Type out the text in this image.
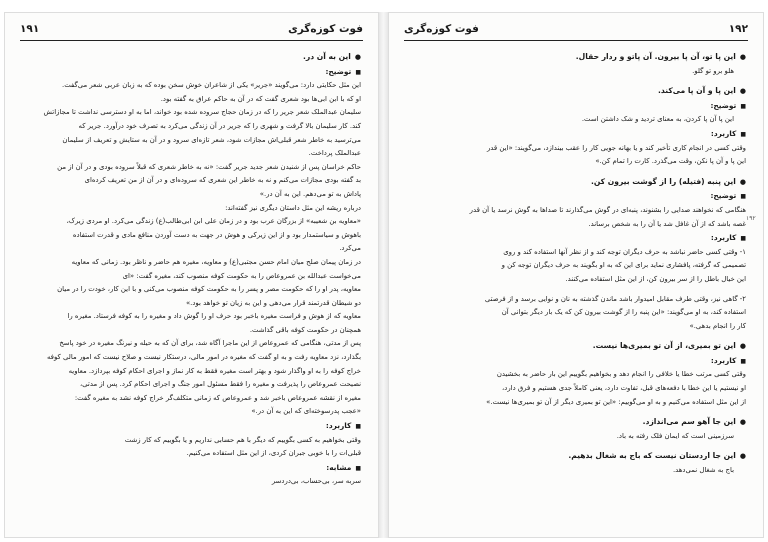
۱۹۱	فوت کوزه‌گری

● این به آن در.

■ توضیح:

این مثل حکایتی دارد: می‌گویند «جریر» یکی از شاعران خوش سخن بوده که به زبان عربی شعر می‌گفت.

او که با ابن ابی‌ها بود شعری گفت که در آن به حاکم عراق به گفته بود.

سلیمان عبدالملک شعر جریر را که در زمان حجاج سروده شده بود خواند، اما به او دسترسی نداشت تا مجازاتش

کند. کار سلیمان بالا گرفت و شهری را که جریر در آن زندگی می‌کرد به تصرف خود درآورد. جریر که

می‌ترسید به خاطر شعر قبلی‌اش مجازات شود، شعر تازه‌ای سرود و در آن به ستایش و تعریف از سلیمان

عبدالملک پرداخت.

حاکم خراسان پس از شنیدن شعر جدید جریر گفت: «نه به خاطر شعری که قبلاً سروده بودی و در آن از من

بد گفته بودی مجازات می‌کنم و نه به خاطر این شعری که سروده‌ای و در آن از من تعریف کرده‌ای

پاداش به تو می‌دهم. این به آن در.»

درباره ریشه این مثل داستان دیگری نیز گفته‌اند:

«معاویه بن شعیبه» از بزرگان عرب بود و در زمان علی ابن ابی‌طالب(ع) زندگی می‌کرد. او مردی زیرک،

باهوش و سیاستمدار بود و از این زیرکی و هوش در جهت به دست آوردن منافع مادی و قدرت استفاده

می‌کرد.

در زمان پیمان صلح میان امام حسن مجتبی(ع) و معاویه، مغیره هم حاضر و ناظر بود. زمانی که معاویه

می‌خواست عبدالله بن عمروعاص را به حکومت کوفه منصوب کند، مغیره گفت: «ای

معاویه، پدر او را که حکومت مصر و پسر را به حکومت کوفه منصوب می‌کنی و با این کار، خودت را در میان

دو شیطان قدرتمند قرار می‌دهی و این به زیان تو خواهد بود.»

معاویه که از هوش و فراست مغیره باخبر بود حرف او را گوش داد و مغیره را به کوفه فرستاد. مغیره را

همچنان در حکومت کوفه باقی گذاشت.

پس از مدتی، هنگامی که عمروعاص از این ماجرا آگاه شد، برای آن که به حیله و نیرنگ مغیره در خود پاسخ

بگذارد، نزد معاویه رفت و به او گفت که مغیره در امور مالی، درستکار نیست و صلاح نیست که امور مالی کوفه

خراج کوفه را به او واگذار شود و بهتر است مغیره فقط به کار نماز و اجرای احکام کوفه بپردازد. معاویه

نصیحت عمروعاص را پذیرفت و مغیره را فقط مسئول امور جنگ و اجرای احکام کرد. پس از مدتی،

مغیره از نقشه عمروعاص باخبر شد و عمروعاص که زمانی متکلف‌گر خراج کوفه نشد به مغیره گفت:

«عجب پدرسوخته‌ای که این به آن در.»

■ کاربرد:

وقتی بخواهیم به کسی بگوییم که دیگر با هم حسابی نداریم و یا بگوییم که کار زشت

قبلی‌ات را با خوبی جبران کردی، از این مثل استفاده می‌کنیم.

■ مشابه:

سربه سر، بی‌حساب، بی‌دردسر

۱۹۲
فوت کوزه‌گری

● این پا تو، آن پا بیرون. آن پاتو و ردار حقال.

هلو برو تو گلو.

● این پا و آن پا می‌کند.

■ توضیح:

این پا آن پا کردن، به معنای تردید و شک داشتن است.

■ کاربرد:

وقتی کسی در انجام کاری تأخیر کند و یا بهانه جویی کار را عقب بیندازد، می‌گویند: «این قدر

این پا و آن پا نکن، وقت می‌گذرد. کارت را تمام کن.»

● این پنبه (فتیله) را از گوشت بیرون کن.

■ توضیح:

هنگامی که نخواهند صدایی را بشنوند، پنبه‌ای در گوش می‌گذارند تا صداها به گوش نرسد یا آن قدر

غصه باشد که از آن غافل شد یا آن را به شخص برساند.

■ کاربرد:

۱- وقتی کسی حاضر نباشد به حرف دیگران توجه کند و از نظر آنها استفاده کند و روی

تصمیمی که گرفته، پافشاری نماید برای این که به او بگویند به حرف دیگران توجه کن و

این خیال باطل را از سر بیرون کن، از این مثل استفاده می‌کنند.

۲- گاهی نیز، وقتی طرف مقابل امیدوار باشد ماندن گذشته به نان و نوایی برسد و از فرصتی

استفاده کند، به او می‌گویند: «این پنبه را از گوشت بیرون کن که یک بار دیگر بتوانی آن

کار را انجام بدهی.»

● این تو بمیری، از آن تو بمیری‌ها نیست.

■ کاربرد:

وقتی کسی مرتب خطا یا خلافی را انجام دهد و بخواهیم بگوییم این بار حاضر به بخشیدن

او نیستیم یا این خطا با دفعه‌های قبل، تفاوت دارد، یعنی کاملاً جدی هستیم و فرق دارد،

از این مثل استفاده می‌کنیم و به او می‌گوییم: «این تو بمیری دیگر از آن تو بمیری‌ها نیست.»

● این جا آهو سم می‌اندازد.

سرزمینی است که ایمان فلک رفته به باد.

● این جا اردستان نیست که باج به شغال بدهیم.

باج به شغال نمی‌دهد.

۱۹۲
